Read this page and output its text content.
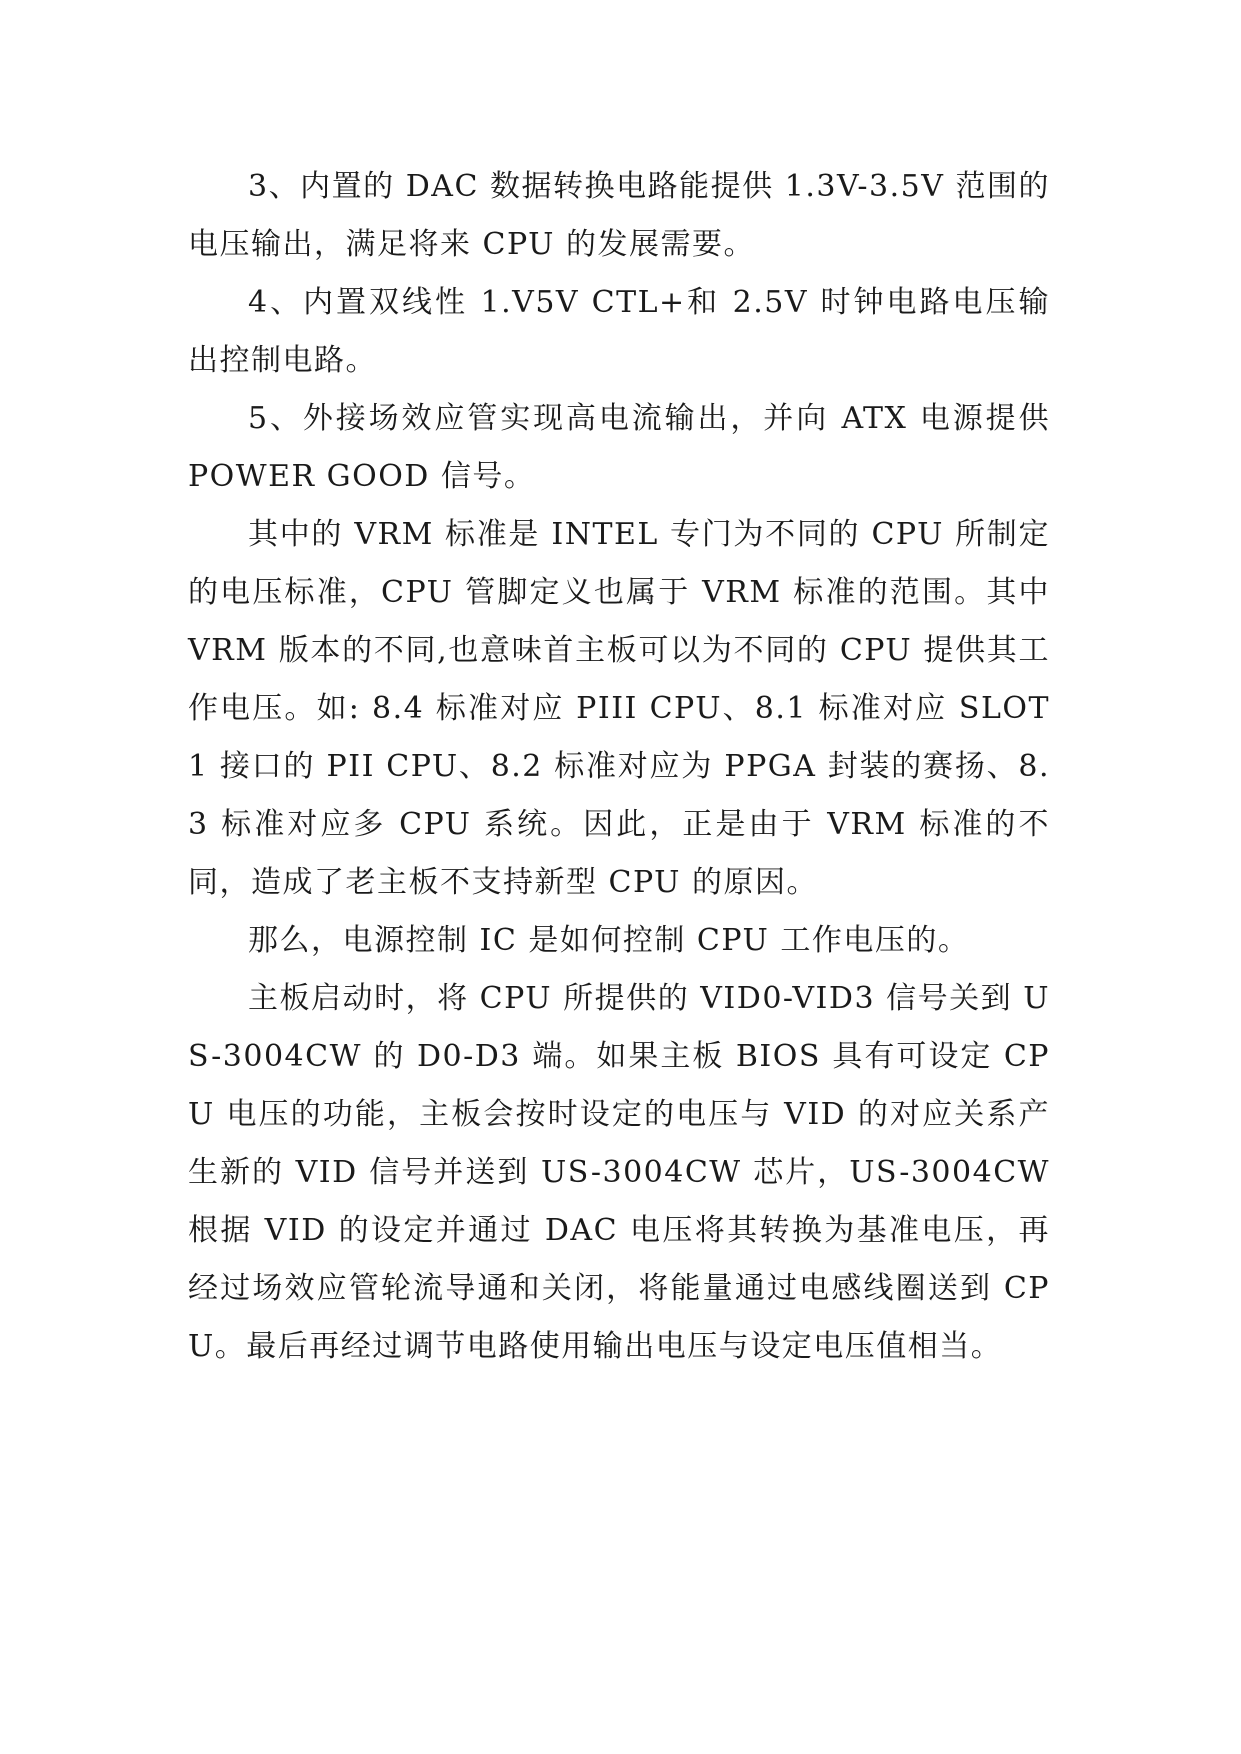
3、内置的 DAC 数据转换电路能提供 1.3V-3.5V 范围的电压输出，满足将来 CPU 的发展需要。

4、内置双线性 1.V5V CTL+和 2.5V 时钟电路电压输出控制电路。

5、外接场效应管实现高电流输出，并向 ATX 电源提供 POWER GOOD 信号。

其中的 VRM 标准是 INTEL 专门为不同的 CPU 所制定的电压标准，CPU 管脚定义也属于 VRM 标准的范围。其中 VRM 版本的不同,也意味首主板可以为不同的 CPU 提供其工作电压。如: 8.4 标准对应 PIII CPU、8.1 标准对应 SLOT 1 接口的 PII CPU、8.2 标准对应为 PPGA 封装的赛扬、8.3 标准对应多 CPU 系统。因此，正是由于 VRM 标准的不同，造成了老主板不支持新型 CPU 的原因。

那么，电源控制 IC 是如何控制 CPU 工作电压的。

主板启动时，将 CPU 所提供的 VID0-VID3 信号关到 US-3004CW 的 D0-D3 端。如果主板 BIOS 具有可设定 CPU 电压的功能，主板会按时设定的电压与 VID 的对应关系产生新的 VID 信号并送到 US-3004CW 芯片，US-3004CW 根据 VID 的设定并通过 DAC 电压将其转换为基准电压，再经过场效应管轮流导通和关闭，将能量通过电感线圈送到 CPU。最后再经过调节电路使用输出电压与设定电压值相当。
